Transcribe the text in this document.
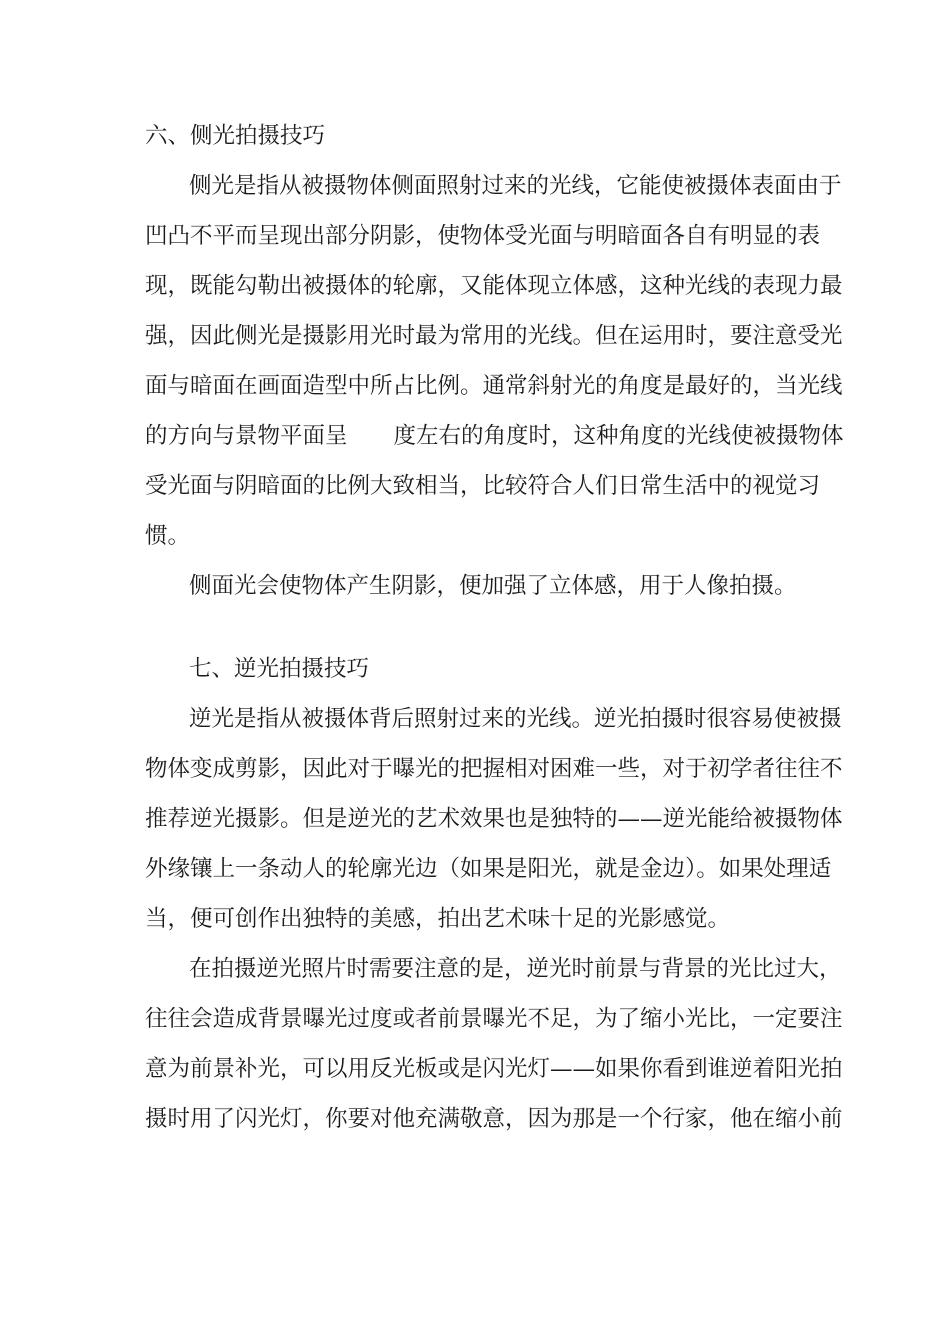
六、侧光拍摄技巧
侧光是指从被摄物体侧面照射过来的光线，它能使被摄体表面由于
凹凸不平而呈现出部分阴影，使物体受光面与明暗面各自有明显的表
现，既能勾勒出被摄体的轮廓，又能体现立体感，这种光线的表现力最
强，因此侧光是摄影用光时最为常用的光线。但在运用时，要注意受光
面与暗面在画面造型中所占比例。通常斜射光的角度是最好的，当光线
的方向与景物平面呈 度左右的角度时，这种角度的光线使被摄物体
受光面与阴暗面的比例大致相当，比较符合人们日常生活中的视觉习
惯。
侧面光会使物体产生阴影，便加强了立体感，用于人像拍摄。
七、逆光拍摄技巧
逆光是指从被摄体背后照射过来的光线。逆光拍摄时很容易使被摄
物体变成剪影，因此对于曝光的把握相对困难一些，对于初学者往往不
推荐逆光摄影。但是逆光的艺术效果也是独特的——逆光能给被摄物体
外缘镶上一条动人的轮廓光边（如果是阳光，就是金边）。如果处理适
当，便可创作出独特的美感，拍出艺术味十足的光影感觉。
在拍摄逆光照片时需要注意的是，逆光时前景与背景的光比过大，
往往会造成背景曝光过度或者前景曝光不足，为了缩小光比，一定要注
意为前景补光，可以用反光板或是闪光灯——如果你看到谁逆着阳光拍
摄时用了闪光灯，你要对他充满敬意，因为那是一个行家，他在缩小前
